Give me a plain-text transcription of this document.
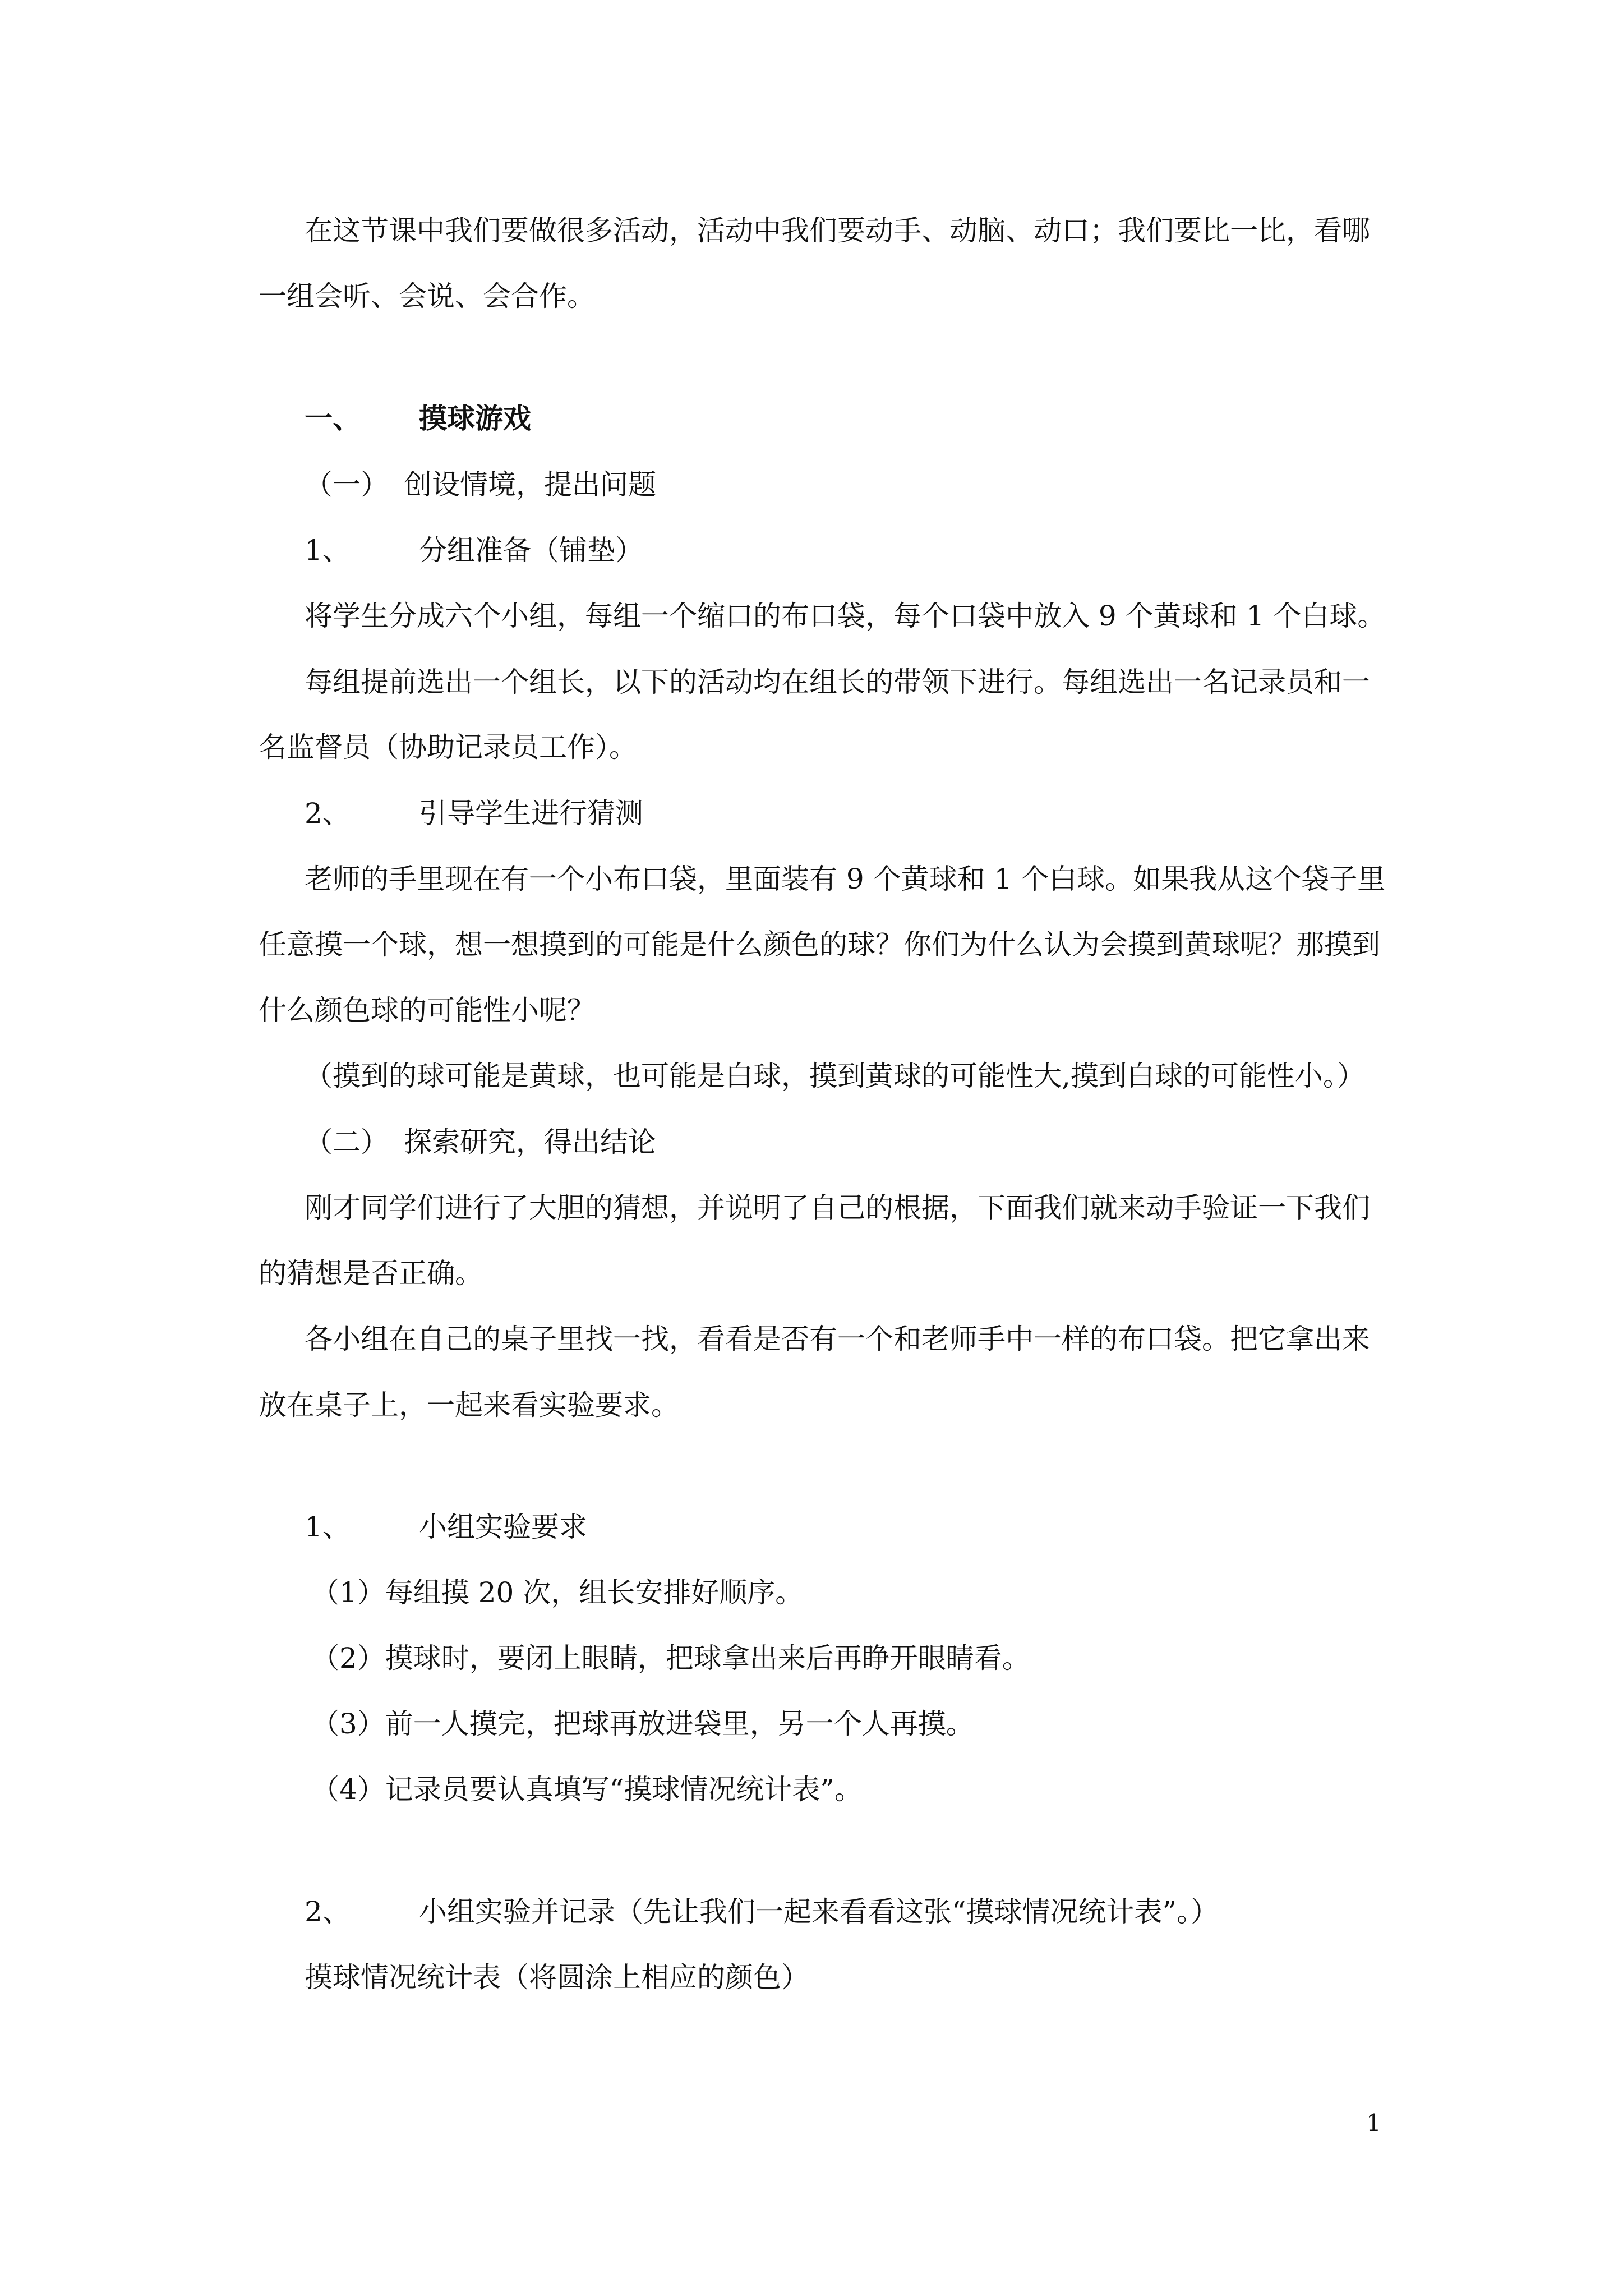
在这节课中我们要做很多活动，活动中我们要动手、动脑、动口；我们要比一比，看哪
一组会听、会说、会合作。
一、 摸球游戏
（一） 创设情境，提出问题
1、 分组准备（铺垫）
将学生分成六个小组，每组一个缩口的布口袋，每个口袋中放入 9 个黄球和 1 个白球。
每组提前选出一个组长，以下的活动均在组长的带领下进行。每组选出一名记录员和一
名监督员（协助记录员工作）。
2、 引导学生进行猜测
老师的手里现在有一个小布口袋，里面装有 9 个黄球和 1 个白球。如果我从这个袋子里
任意摸一个球，想一想摸到的可能是什么颜色的球？你们为什么认为会摸到黄球呢？那摸到
什么颜色球的可能性小呢？
（摸到的球可能是黄球，也可能是白球，摸到黄球的可能性大,摸到白球的可能性小。）
（二） 探索研究，得出结论
刚才同学们进行了大胆的猜想，并说明了自己的根据，下面我们就来动手验证一下我们
的猜想是否正确。
各小组在自己的桌子里找一找，看看是否有一个和老师手中一样的布口袋。把它拿出来
放在桌子上，一起来看实验要求。
1、 小组实验要求
（1）每组摸 20 次，组长安排好顺序。
（2）摸球时，要闭上眼睛，把球拿出来后再睁开眼睛看。
（3）前一人摸完，把球再放进袋里，另一个人再摸。
（4）记录员要认真填写“摸球情况统计表”。
2、 小组实验并记录（先让我们一起来看看这张“摸球情况统计表”。）
摸球情况统计表（将圆涂上相应的颜色）
1
